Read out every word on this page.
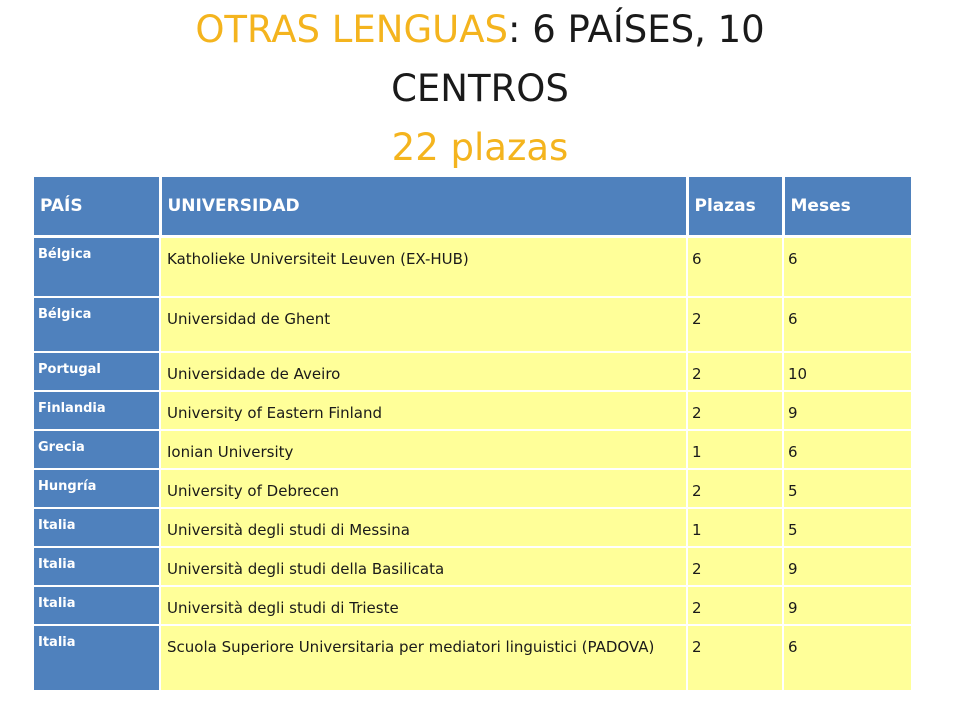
OTRAS LENGUAS: 6 PAÍSES, 10
CENTROS
22 plazas
PAÍS	UNIVERSIDAD	Plazas	Meses
Bélgica	Katholieke Universiteit Leuven (EX-HUB)	6	6
Bélgica	Universidad de Ghent	2	6
Portugal	Universidade de Aveiro	2	10
Finlandia	University of Eastern Finland	2	9
Grecia	Ionian University	1	6
Hungría	University of Debrecen	2	5
Italia	Università degli studi di Messina	1	5
Italia	Università degli studi della Basilicata	2	9
Italia	Università degli studi di Trieste	2	9
Italia	Scuola Superiore Universitaria per mediatori linguistici (PADOVA)	2	6
